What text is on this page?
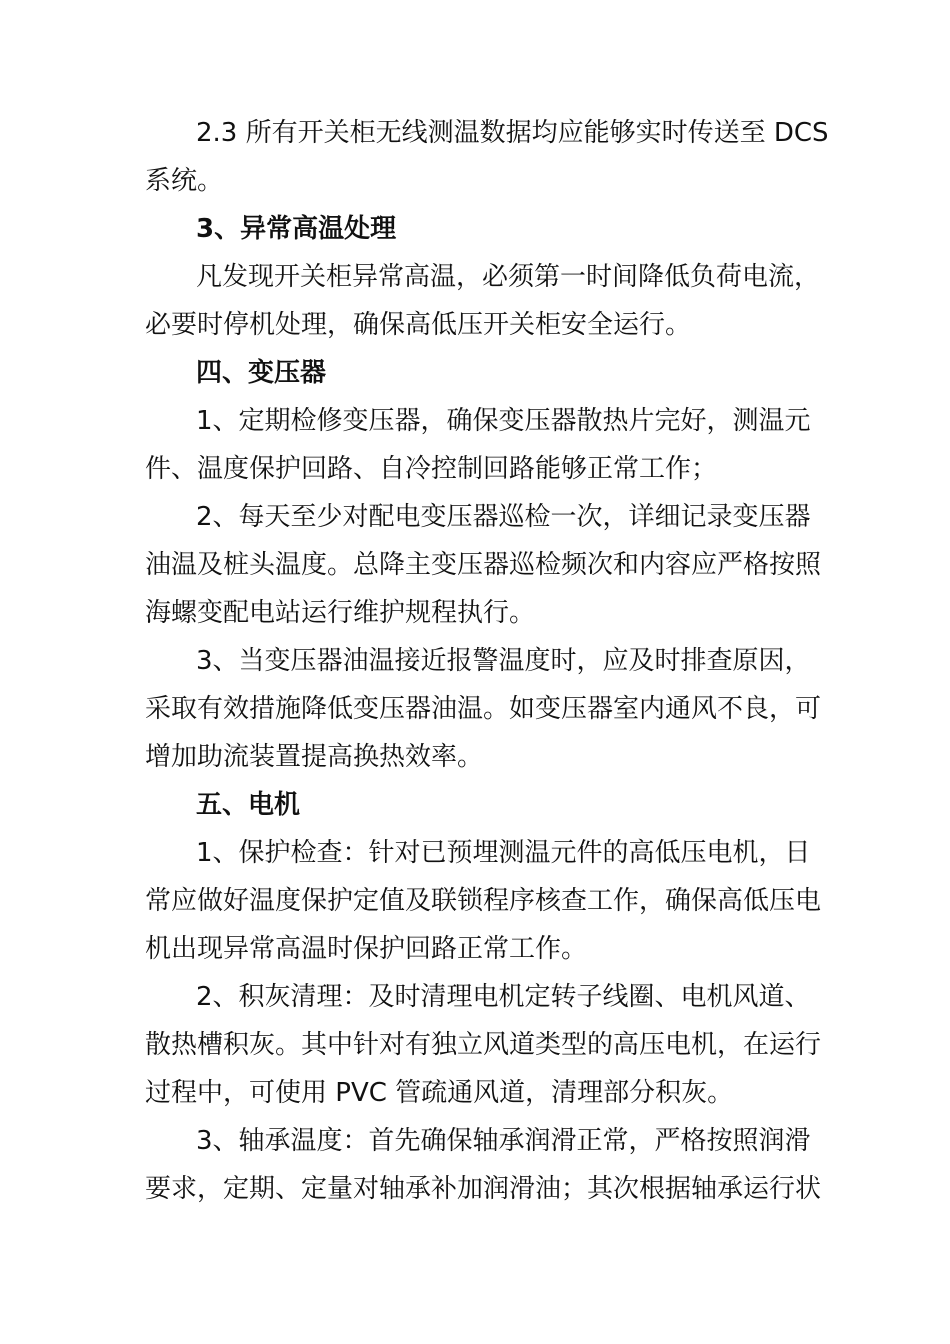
2.3 所有开关柜无线测温数据均应能够实时传送至 DCS
系统。
3、异常高温处理
凡发现开关柜异常高温，必须第一时间降低负荷电流，
必要时停机处理，确保高低压开关柜安全运行。
四、变压器
1、定期检修变压器，确保变压器散热片完好，测温元
件、温度保护回路、自冷控制回路能够正常工作；
2、每天至少对配电变压器巡检一次，详细记录变压器
油温及桩头温度。总降主变压器巡检频次和内容应严格按照
海螺变配电站运行维护规程执行。
3、当变压器油温接近报警温度时，应及时排查原因，
采取有效措施降低变压器油温。如变压器室内通风不良，可
增加助流装置提高换热效率。
五、电机
1、保护检查：针对已预埋测温元件的高低压电机，日
常应做好温度保护定值及联锁程序核查工作，确保高低压电
机出现异常高温时保护回路正常工作。
2、积灰清理：及时清理电机定转子线圈、电机风道、
散热槽积灰。其中针对有独立风道类型的高压电机，在运行
过程中，可使用 PVC 管疏通风道，清理部分积灰。
3、轴承温度：首先确保轴承润滑正常，严格按照润滑
要求，定期、定量对轴承补加润滑油；其次根据轴承运行状
